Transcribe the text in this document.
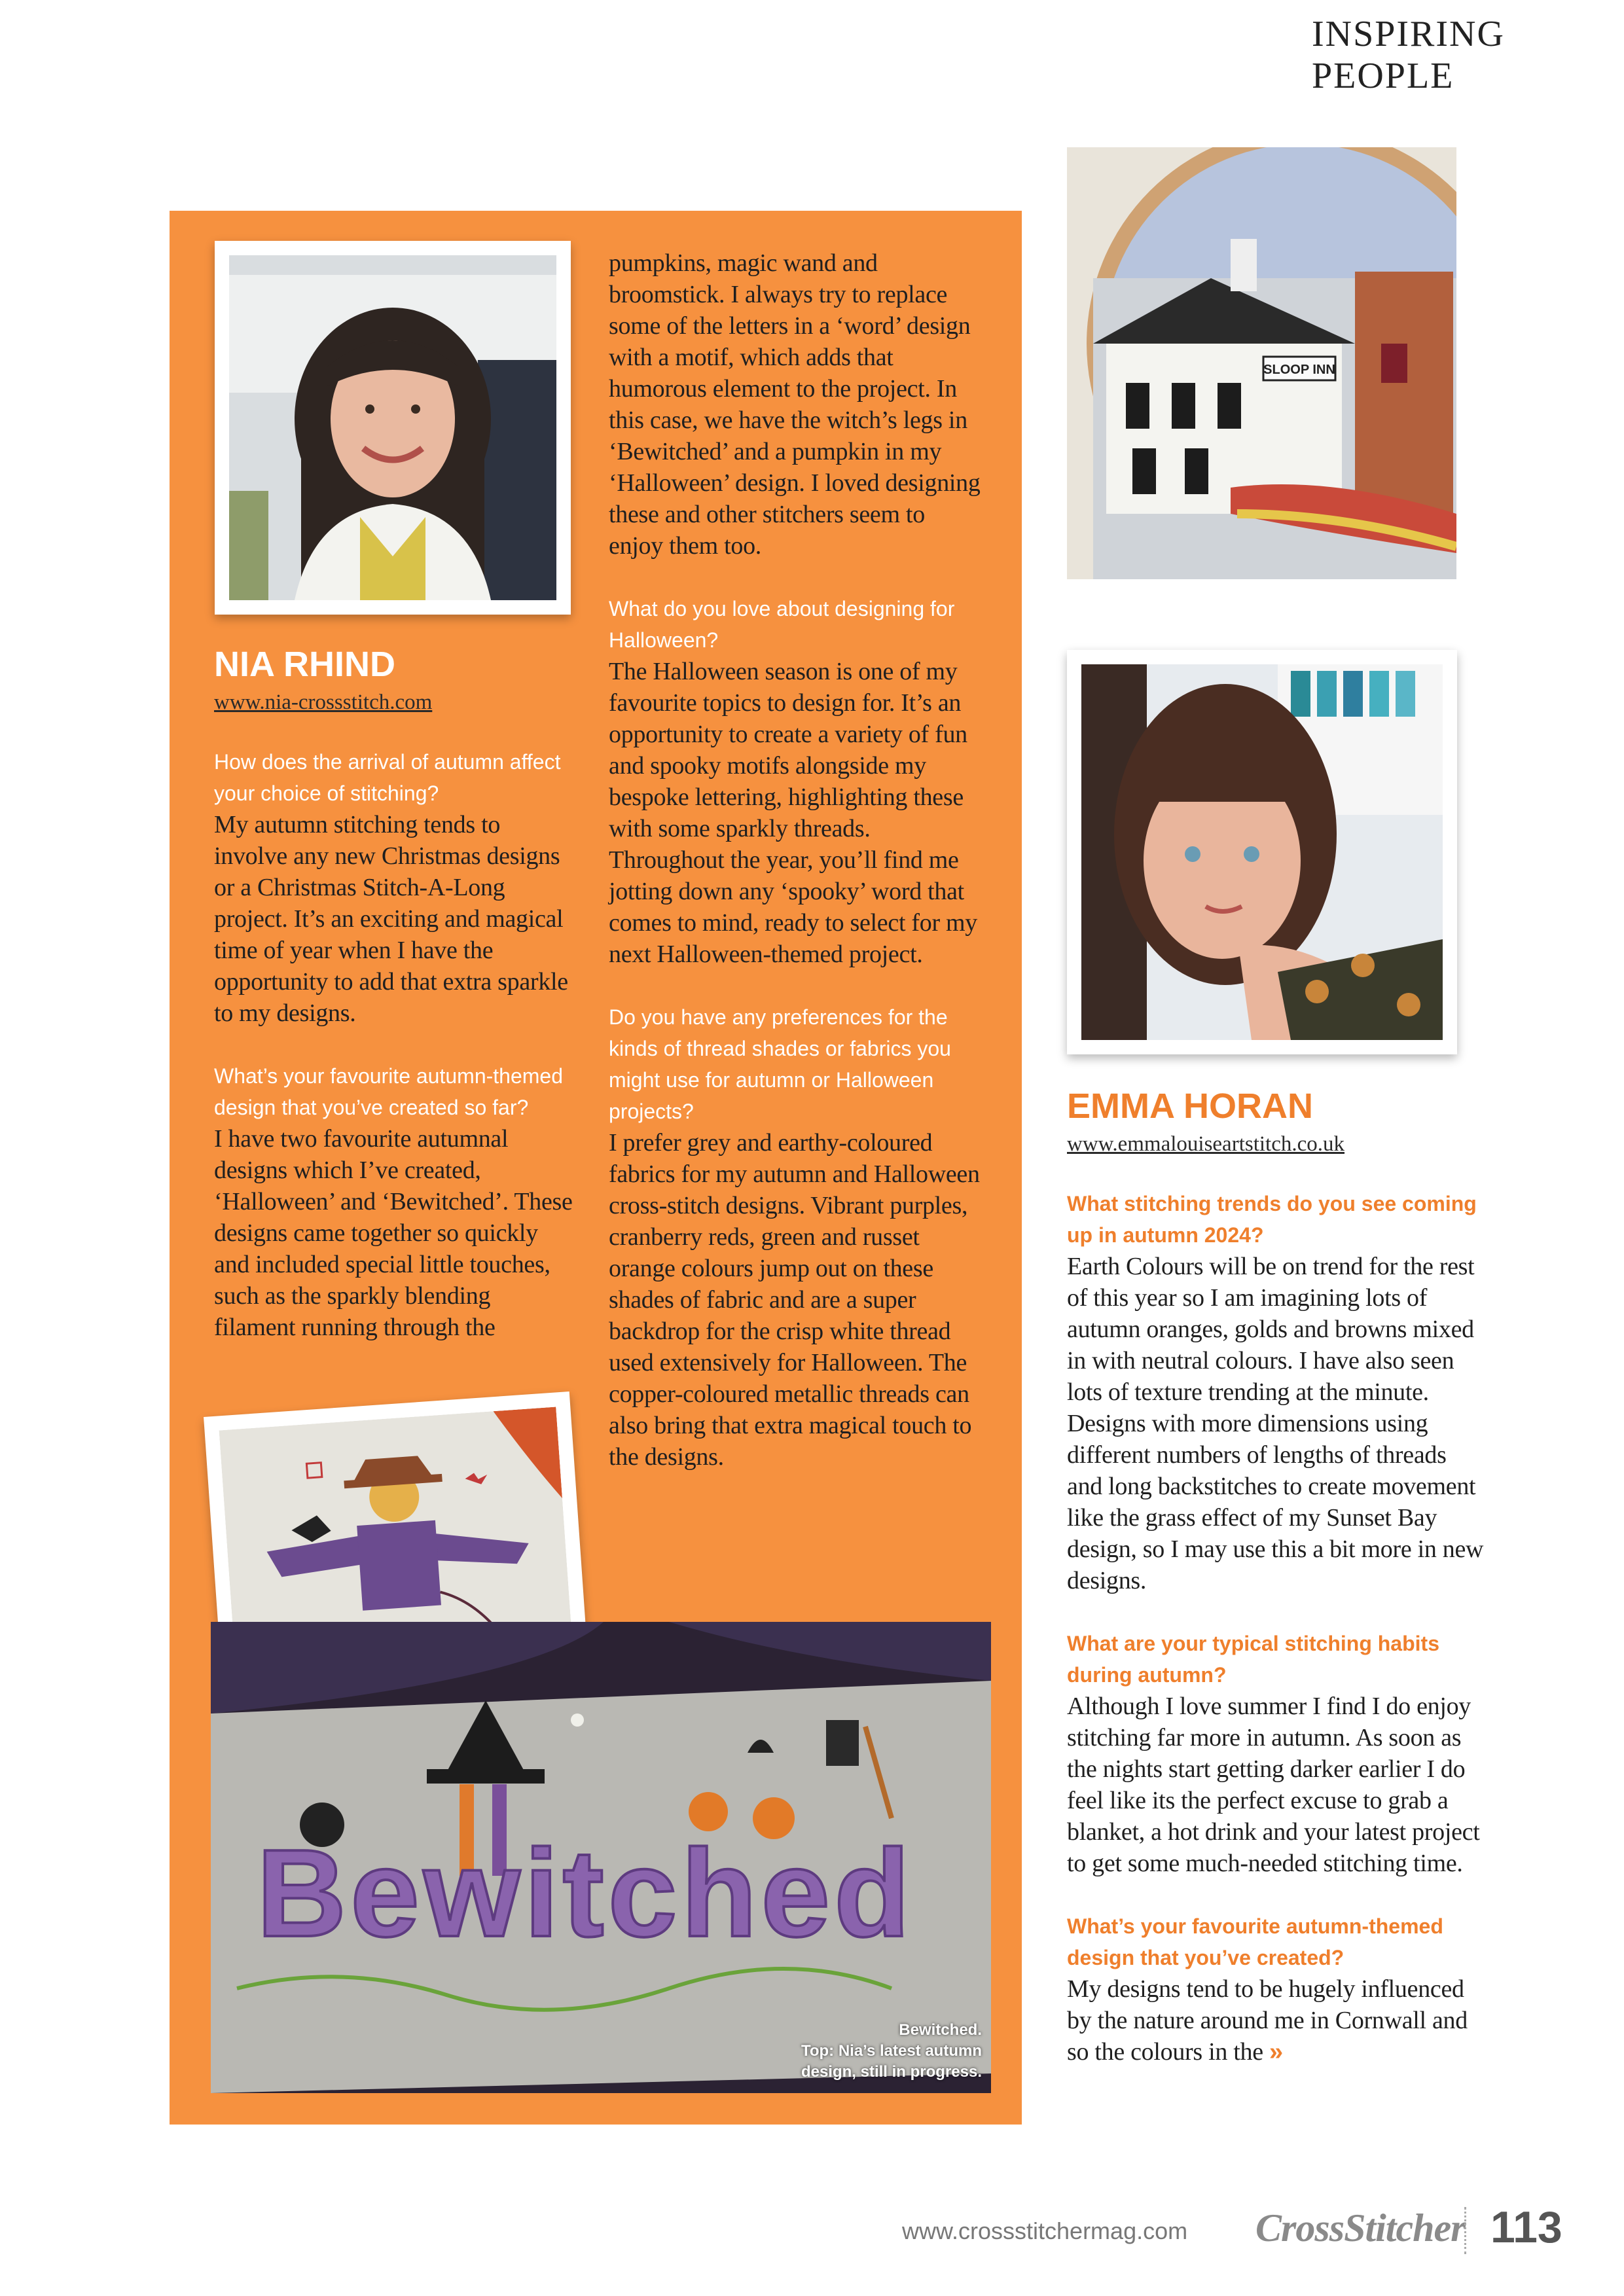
INSPIRING PEOPLE
NIA RHIND

www.nia-crossstitch.com

How does the arrival of autumn affect your choice of stitching?

My autumn stitching tends to involve any new Christmas designs or a Christmas Stitch-A-Long project. It’s an exciting and magical time of year when I have the opportunity to add that extra sparkle to my designs.

What’s your favourite autumn-themed design that you’ve created so far?

I have two favourite autumnal designs which I’ve created, ‘Halloween’ and ‘Bewitched’. These designs came together so quickly and included special little touches, such as the sparkly blending filament running through the

pumpkins, magic wand and broomstick. I always try to replace some of the letters in a ‘word’ design with a motif, which adds that humorous element to the project. In this case, we have the witch’s legs in ‘Bewitched’ and a pumpkin in my ‘Halloween’ design. I loved designing these and other stitchers seem to enjoy them too.

What do you love about designing for Halloween?

The Halloween season is one of my favourite topics to design for. It’s an opportunity to create a variety of fun and spooky motifs alongside my bespoke lettering, highlighting these with some sparkly threads. Throughout the year, you’ll find me jotting down any ‘spooky’ word that comes to mind, ready to select for my next Halloween-themed project.

Do you have any preferences for the kinds of thread shades or fabrics you might use for autumn or Halloween projects?

I prefer grey and earthy-coloured fabrics for my autumn and Halloween cross-stitch designs. Vibrant purples, cranberry reds, green and russet orange colours jump out on these shades of fabric and are a super backdrop for the crisp white thread used extensively for Halloween. The copper-coloured metallic threads can also bring that extra magical touch to the designs.

Bewitched
Bewitched.
Top: Nia’s latest autumn
design, still in progress.
SLOOP INN
EMMA HORAN

www.emmalouiseartstitch.co.uk

What stitching trends do you see coming up in autumn 2024?

Earth Colours will be on trend for the rest of this year so I am imagining lots of autumn oranges, golds and browns mixed in with neutral colours. I have also seen lots of texture trending at the minute. Designs with more dimensions using different numbers of lengths of threads and long backstitches to create movement like the grass effect of my Sunset Bay design, so I may use this a bit more in new designs.

What are your typical stitching habits during autumn?

Although I love summer I find I do enjoy stitching far more in autumn. As soon as the nights start getting darker earlier I do feel like its the perfect excuse to grab a blanket, a hot drink and your latest project to get some much-needed stitching time.

What’s your favourite autumn-themed design that you’ve created?

My designs tend to be hugely influenced by the nature around me in Cornwall and so the colours in the »

www.crossstitchermag.com CrossStitcher 113
